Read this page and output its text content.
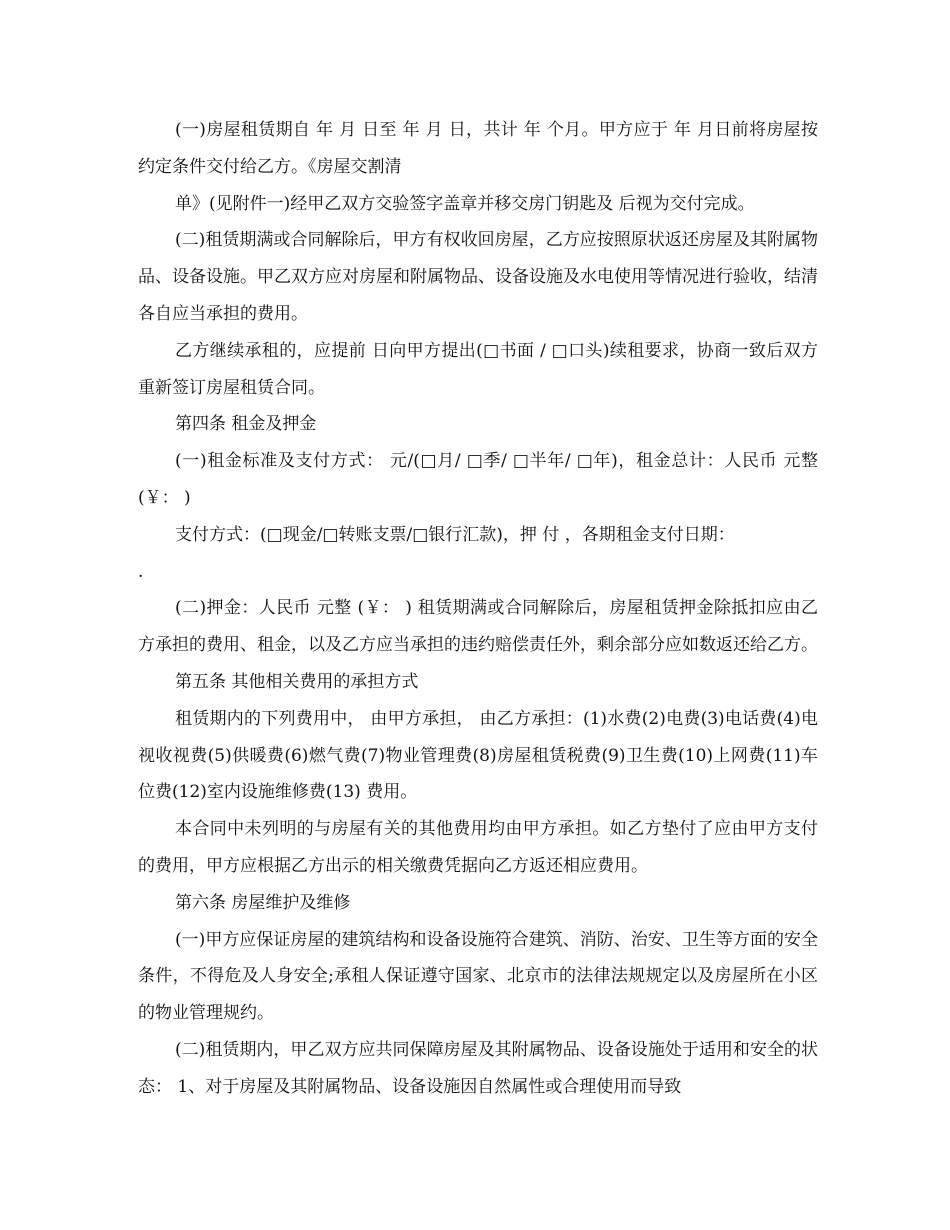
(一)房屋租赁期自 年 月 日至 年 月 日，共计 年 个月。甲方应于 年 月日前将房屋按约定条件交付给乙方。《房屋交割清

单》(见附件一)经甲乙双方交验签字盖章并移交房门钥匙及 后视为交付完成。

(二)租赁期满或合同解除后，甲方有权收回房屋，乙方应按照原状返还房屋及其附属物品、设备设施。甲乙双方应对房屋和附属物品、设备设施及水电使用等情况进行验收，结清各自应当承担的费用。

乙方继续承租的，应提前 日向甲方提出(□书面 / □口头)续租要求，协商一致后双方重新签订房屋租赁合同。

第四条 租金及押金

(一)租金标准及支付方式： 元/(□月/ □季/ □半年/ □年)，租金总计：人民币 元整(￥： )

支付方式：(□现金/□转账支票/□银行汇款)，押 付 ，各期租金支付日期：

.

(二)押金：人民币 元整 (￥： ) 租赁期满或合同解除后，房屋租赁押金除抵扣应由乙方承担的费用、租金，以及乙方应当承担的违约赔偿责任外，剩余部分应如数返还给乙方。

第五条 其他相关费用的承担方式

租赁期内的下列费用中， 由甲方承担， 由乙方承担：(1)水费(2)电费(3)电话费(4)电视收视费(5)供暖费(6)燃气费(7)物业管理费(8)房屋租赁税费(9)卫生费(10)上网费(11)车位费(12)室内设施维修费(13) 费用。

本合同中未列明的与房屋有关的其他费用均由甲方承担。如乙方垫付了应由甲方支付的费用，甲方应根据乙方出示的相关缴费凭据向乙方返还相应费用。

第六条 房屋维护及维修

(一)甲方应保证房屋的建筑结构和设备设施符合建筑、消防、治安、卫生等方面的安全条件，不得危及人身安全;承租人保证遵守国家、北京市的法律法规规定以及房屋所在小区的物业管理规约。

(二)租赁期内，甲乙双方应共同保障房屋及其附属物品、设备设施处于适用和安全的状态： 1、对于房屋及其附属物品、设备设施因自然属性或合理使用而导致
